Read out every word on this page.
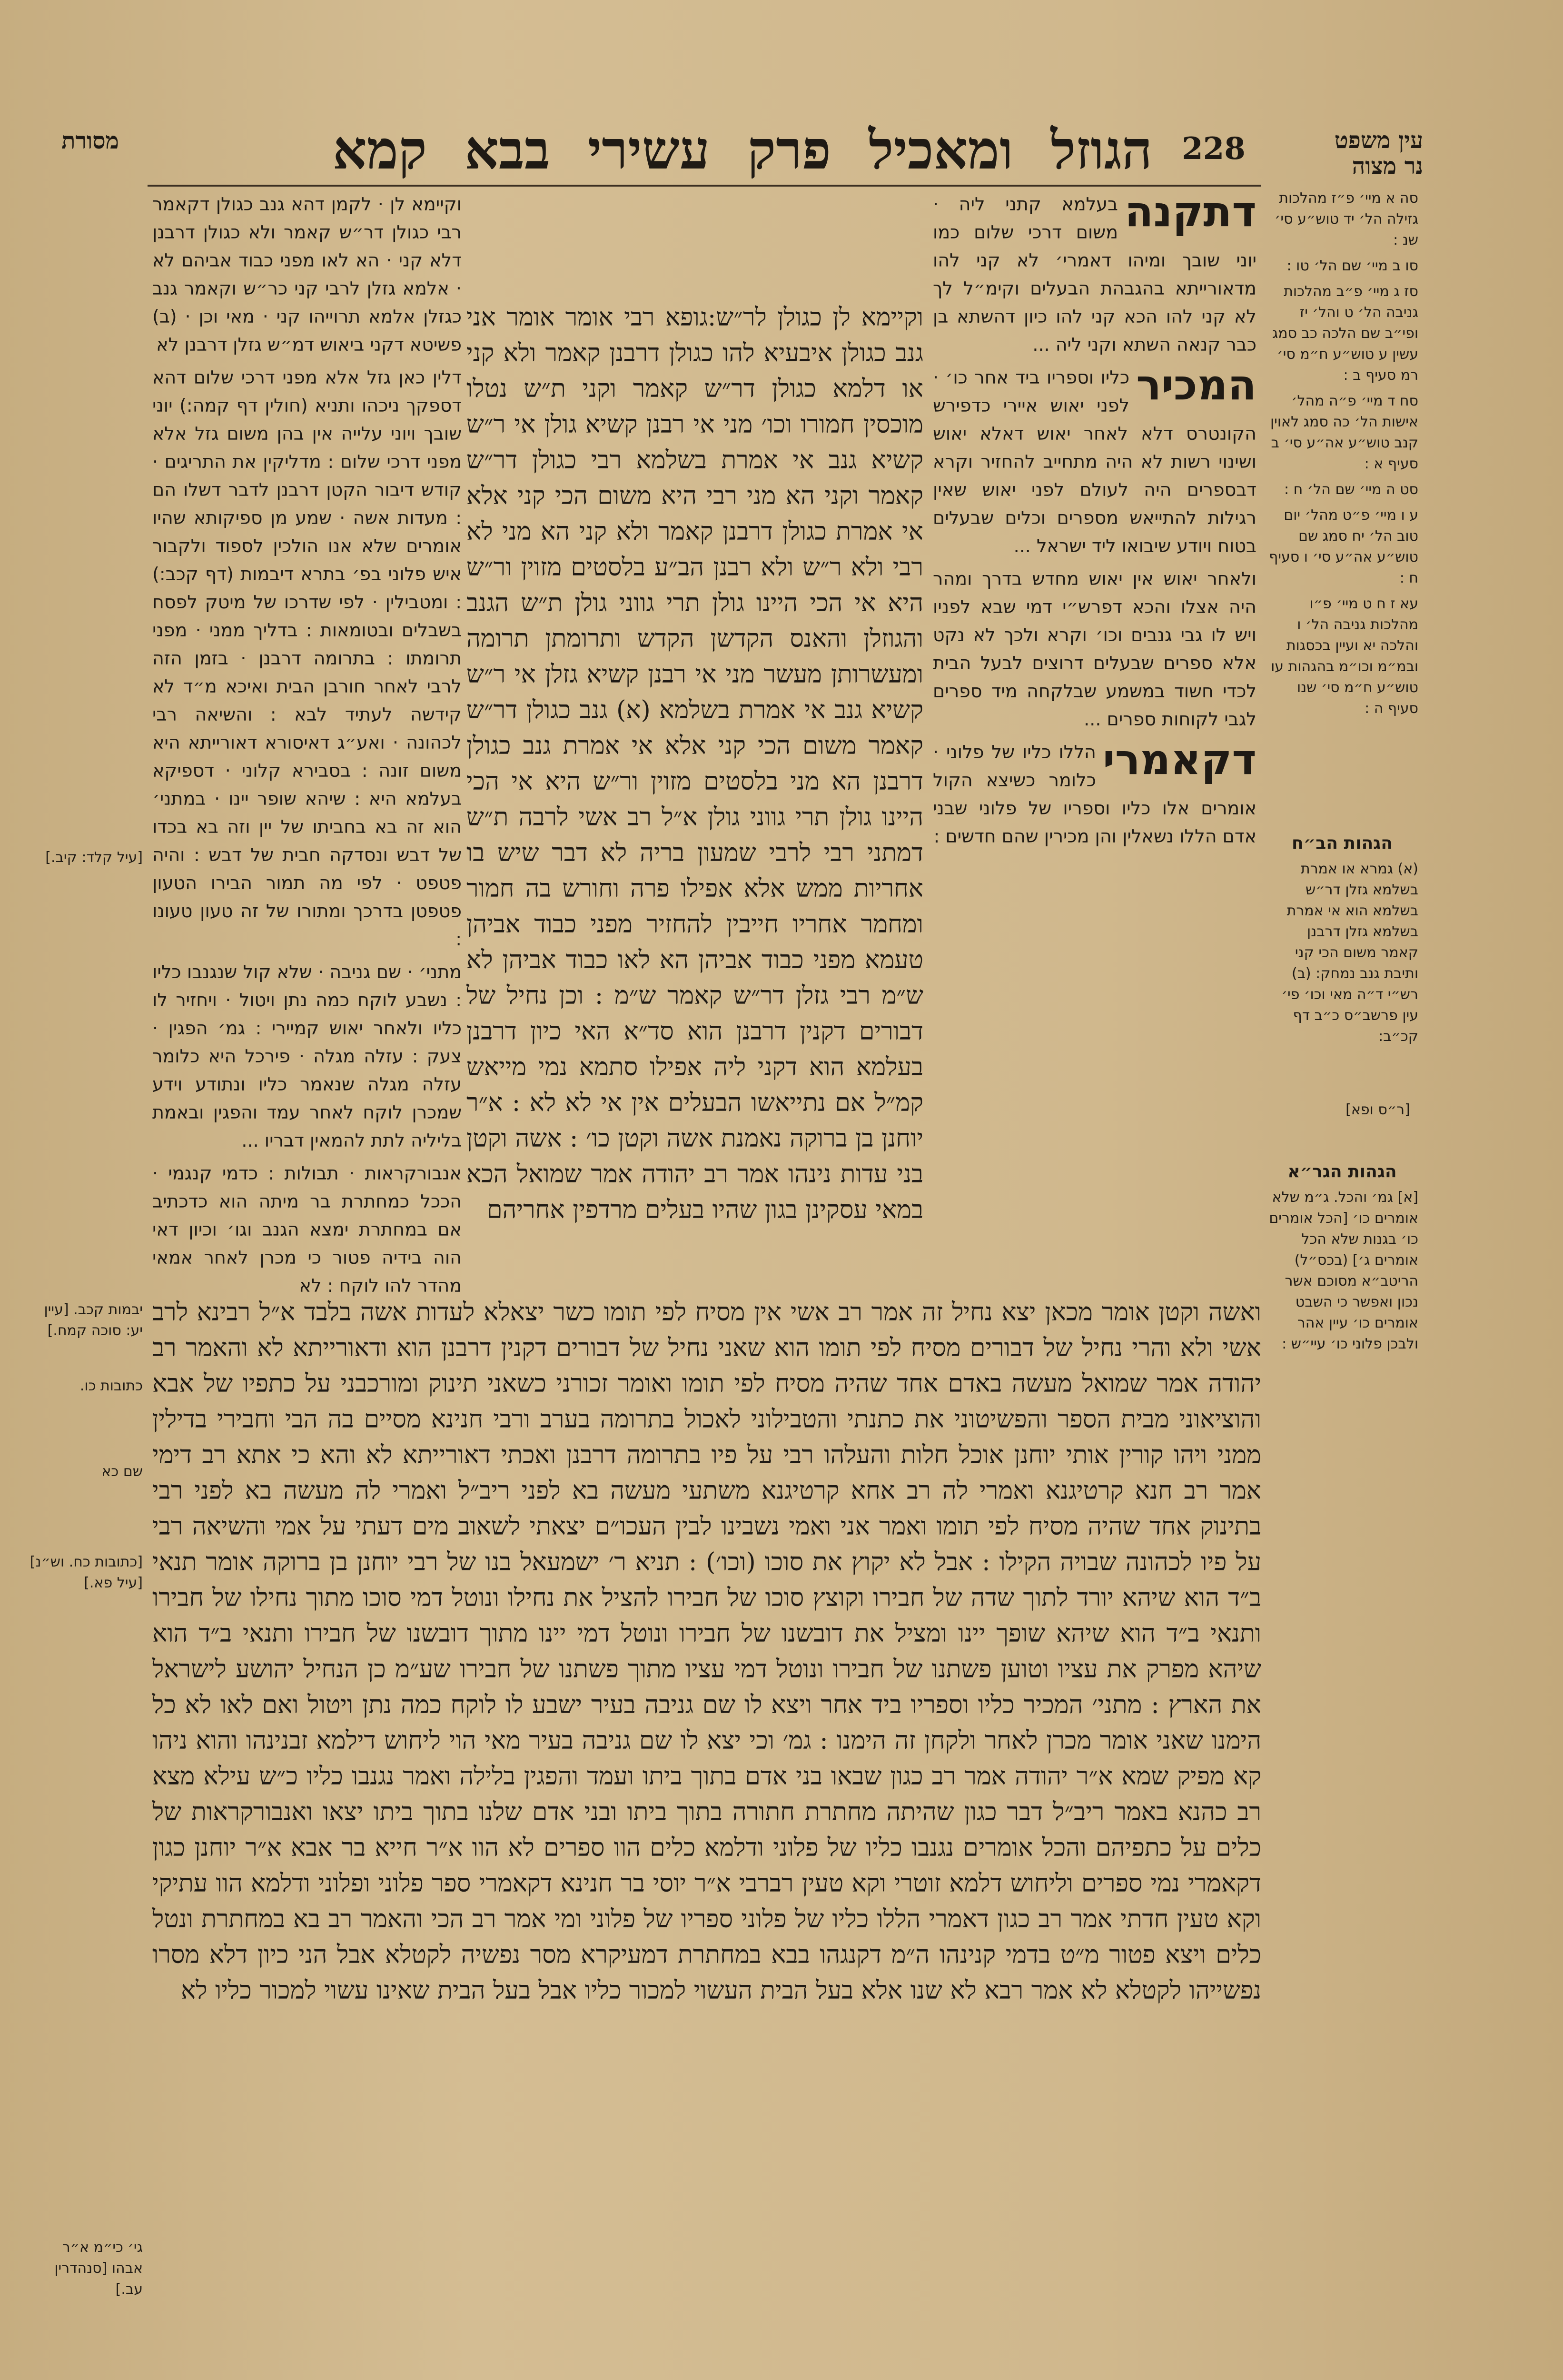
מסורת	הגוזל ומאכיל פרק עשירי בבא קמא 228	עין משפט
נר מצוה

סה א מיי׳ פ״ז מהלכות גזילה הל׳ יד טוש״ע סי׳ שנ :

סו ב מיי׳ שם הל׳ טו :

סז ג מיי׳ פ״ב מהלכות גניבה הל׳ ט והל׳ יז ופי״ב שם הלכה כב סמג עשין ע טוש״ע ח״מ סי׳ רמ סעיף ב :

סח ד מיי׳ פ״ה מהל׳ אישות הל׳ כה סמג לאוין קנב טוש״ע אה״ע סי׳ ב סעיף א :

סט ה מיי׳ שם הל׳ ח :

ע ו מיי׳ פ״ט מהל׳ יום טוב הל׳ יח סמג שם טוש״ע אה״ע סי׳ ו סעיף ח :

עא ז ח ט מיי׳ פ״ו מהלכות גניבה הל׳ ו והלכה יא ועיין בכסגות ובמ״מ וכו״מ בהגהות עו טוש״ע ח״מ סי׳ שנו סעיף ה :

הגהות הב״ח

(א) גמרא או אמרת בשלמא גזלן דר״ש בשלמא הוא אי אמרת בשלמא גזלן דרבנן קאמר משום הכי קני ותיבת גנב נמחק: (ב) רש״י ד״ה מאי וכו׳ פי׳ עין פרשב״ס כ״ב דף קכ״ב:

[ר״ס ופא]

הגהות הגר״א

[א] גמ׳ והכל. ג״מ שלא אומרים כו׳ [הכל אומרים כו׳ בגנות שלא הכל אומרים ג׳] (בכס״ל) הריטב״א מסוכם אשר נכון ואפשר כי השבט אומרים כו׳ עיין אהר ולבכן פלוני כו׳ עיי״ש :

דתקנה
בעלמא קתני ליה · משום דרכי שלום כמו יוני שובך ומיהו דאמרי׳ לא קני להו מדאורייתא בהגבהת הבעלים וקימ״ל לך לא קני להו הכא קני להו כיון דהשתא בן כבר קנאה השתא וקני ליה ...

המכיר
כליו וספריו ביד אחר כו׳ · לפני יאוש איירי כדפירש הקונטרס דלא לאחר יאוש דאלא יאוש ושינוי רשות לא היה מתחייב להחזיר וקרא דבספרים היה לעולם לפני יאוש שאין רגילות להתייאש מספרים וכלים שבעלים בטוח ויודע שיבואו ליד ישראל ...

ולאחר יאוש אין יאוש מחדש בדרך ומהר היה אצלו והכא דפרש״י דמי שבא לפניו ויש לו גבי גנבים וכו׳ וקרא ולכך לא נקט אלא ספרים שבעלים דרוצים לבעל הבית לכדי חשוד במשמע שבלקחה מיד ספרים לגבי לקוחות ספרים ...

דקאמרי
הללו כליו של פלוני · כלומר כשיצא הקול אומרים אלו כליו וספריו של פלוני שבני אדם הללו נשאלין והן מכירין שהם חדשים :

וקיימא לן כגולן לר״ש:גופא רבי אומר אומר אני גנב כגולן איבעיא להו כגולן דרבנן קאמר ולא קני או דלמא כגולן דר״ש קאמר וקני ת״ש נטלו מוכסין חמורו וכו׳ מני אי רבנן קשיא גולן אי ר״ש קשיא גנב אי אמרת בשלמא רבי כגולן דר״ש קאמר וקני הא מני רבי היא משום הכי קני אלא אי אמרת כגולן דרבנן קאמר ולא קני הא מני לא רבי ולא ר״ש ולא רבנן הב״ע בלסטים מזוין ור״ש היא אי הכי היינו גולן תרי גווני גולן ת״ש הגנב והגוזלן והאנס הקדשן הקדש ותרומתן תרומה ומעשרותן מעשר מני אי רבנן קשיא גזלן אי ר״ש קשיא גנב אי אמרת בשלמא (א) גנב כגולן דר״ש קאמר משום הכי קני אלא אי אמרת גנב כגולן דרבנן הא מני בלסטים מזוין ור״ש היא אי הכי היינו גולן תרי גווני גולן א״ל רב אשי לרבה ת״ש דמתני רבי לרבי שמעון בריה לא דבר שיש בו אחריות ממש אלא אפילו פרה וחורש בה חמור ומחמר אחריו חייבין להחזיר מפני כבוד אביהן טעמא מפני כבוד אביהן הא לאו כבוד אביהן לא ש״מ רבי גזלן דר״ש קאמר ש״מ : וכן נחיל של דבורים דקנין דרבנן הוא סד״א האי כיון דרבנן בעלמא הוא דקני ליה אפילו סתמא נמי מייאש קמ״ל אם נתייאשו הבעלים אין אי לא לא : א״ר יוחנן בן ברוקה נאמנת אשה וקטן כו׳ : אשה וקטן בני עדות נינהו אמר רב יהודה אמר שמואל הכא במאי עסקינן בגון שהיו בעלים מרדפין אחריהם

וקיימא לן · לקמן דהא גנב כגולן דקאמר רבי כגולן דר״ש קאמר ולא כגולן דרבנן דלא קני · הא לאו מפני כבוד אביהם לא · אלמא גזלן לרבי קני כר״ש וקאמר גנב כגזלן אלמא תרוייהו קני · מאי וכן · (ב) פשיטא דקני ביאוש דמ״ש גזלן דרבנן לא

דלין כאן גזל אלא מפני דרכי שלום דהא דספקך ניכהו ותניא (חולין דף קמה:) יוני שובך ויוני עלייה אין בהן משום גזל אלא מפני דרכי שלום : מדליקין את התריגים · קודש דיבור הקטן דרבנן לדבר דשלו הם : מעדות אשה · שמע מן ספיקותא שהיו אומרים שלא אנו הולכין לספוד ולקבור איש פלוני בפ׳ בתרא דיבמות (דף קכב:) : ומטבילין · לפי שדרכו של מיטק לפסח בשבלים ובטומאות : בדליך ממני · מפני תרומתו : בתרומה דרבנן · בזמן הזה לרבי לאחר חורבן הבית ואיכא מ״ד לא קידשה לעתיד לבא : והשיאה רבי לכהונה · ואע״ג דאיסורא דאורייתא היא משום זונה : בסבירא קלוני · דספיקא בעלמא היא : שיהא שופר יינו · במתני׳ הוא זה בא בחביתו של יין וזה בא בכדו של דבש ונסדקה חבית של דבש : והיה פטפט · לפי מה תמור הבירו הטעון פטפטן בדרכך ומתורו של זה טעון טעונו :

מתני׳ · שם גניבה · שלא קול שנגנבו כליו : נשבע לוקח כמה נתן ויטול · ויחזיר לו כליו ולאחר יאוש קמיירי : גמ׳ הפגין · צעק : עזלה מגלה · פירכל היא כלומר עזלה מגלה שנאמר כליו ונתודע וידע שמכרן לוקח לאחר עמד והפגין ובאמת בליליה לתת להמאין דבריו ...

אנבורקראות · תבולות : כדמי קנגמי · הככל כמחתרת בר מיתה הוא כדכתיב אם במחתרת ימצא הגנב וגו׳ וכיון דאי הוה בידיה פטור כי מכרן לאחר אמאי מהדר להו לוקח : לא

ואשה וקטן אומר מכאן יצא נחיל זה אמר רב אשי אין מסיח לפי תומו כשר יצאלא לעדות אשה בלבד א״ל רבינא לרב אשי ולא והרי נחיל של דבורים מסיח לפי תומו הוא שאני נחיל של דבורים דקנין דרבנן הוא ודאורייתא לא והאמר רב יהודה אמר שמואל מעשה באדם אחד שהיה מסיח לפי תומו ואומר זכורני כשאני תינוק ומורכבני על כתפיו של אבא והוציאוני מבית הספר והפשיטוני את כתנתי והטבילוני לאכול בתרומה בערב ורבי חנינא מסיים בה הבי וחבירי בדילין ממני ויהו קורין אותי יוחנן אוכל חלות והעלהו רבי על פיו בתרומה דרבנן ואכתי דאורייתא לא והא כי אתא רב דימי אמר רב חנא קרטיגנא ואמרי לה רב אחא קרטיגנא משתעי מעשה בא לפני ריב״ל ואמרי לה מעשה בא לפני רבי בתינוק אחד שהיה מסיח לפי תומו ואמר אני ואמי נשבינו לבין העכו״ם יצאתי לשאוב מים דעתי על אמי והשיאה רבי על פיו לכהונה שבויה הקילו : אבל לא יקוץ את סוכו (וכו׳) : תניא ר׳ ישמעאל בנו של רבי יוחנן בן ברוקה אומר תנאי ב״ד הוא שיהא יורד לתוך שדה של חבירו וקוצץ סוכו של חבירו להציל את נחילו ונוטל דמי סוכו מתוך נחילו של חבירו ותנאי ב״ד הוא שיהא שופך יינו ומציל את דובשנו של חבירו ונוטל דמי יינו מתוך דובשנו של חבירו ותנאי ב״ד הוא שיהא מפרק את עציו וטוען פשתנו של חבירו ונוטל דמי עציו מתוך פשתנו של חבירו שע״מ כן הנחיל יהושע לישראל את הארץ : מתני׳ המכיר כליו וספריו ביד אחר ויצא לו שם גניבה בעיר ישבע לו לוקח כמה נתן ויטול ואם לאו לא כל הימנו שאני אומר מכרן לאחר ולקחן זה הימנו : גמ׳ וכי יצא לו שם גניבה בעיר מאי הוי ליחוש דילמא זבנינהו והוא ניהו קא מפיק שמא א״ר יהודה אמר רב כגון שבאו בני אדם בתוך ביתו ועמד והפגין בלילה ואמר נגנבו כליו כ״ש עילא מצא רב כהנא באמר ריב״ל דבר כגון שהיתה מחתרת חתורה בתוך ביתו ובני אדם שלנו בתוך ביתו יצאו ואנבורקראות של כלים על כתפיהם והכל אומרים נגנבו כליו של פלוני ודלמא כלים הוו ספרים לא הוו א״ר חייא בר אבא א״ר יוחנן כגון דקאמרי נמי ספרים וליחוש דלמא זוטרי וקא טעין רברבי א״ר יוסי בר חנינא דקאמרי ספר פלוני ופלוני ודלמא הוו עתיקי וקא טעין חדתי אמר רב כגון דאמרי הללו כליו של פלוני ספריו של פלוני ומי אמר רב הכי והאמר רב בא במחתרת ונטל כלים ויצא פטור מ״ט בדמי קנינהו ה״מ דקנגהו בבא במחתרת דמעיקרא מסר נפשיה לקטלא אבל הני כיון דלא מסרו נפשייהו לקטלא לא אמר רבא לא שנו אלא בעל הבית העשוי למכור כליו אבל בעל הבית שאינו עשוי למכור כליו לא
[עיל קלד: קיב.]
יבמות קכב. [עיין יע: סוכה קמח.]
כתובות כו.
שם כא
[כתובות כח. וש״נ] [עיל פא.]
גי׳ כי״מ א״ר אבהו [סנהדרין עב.]
